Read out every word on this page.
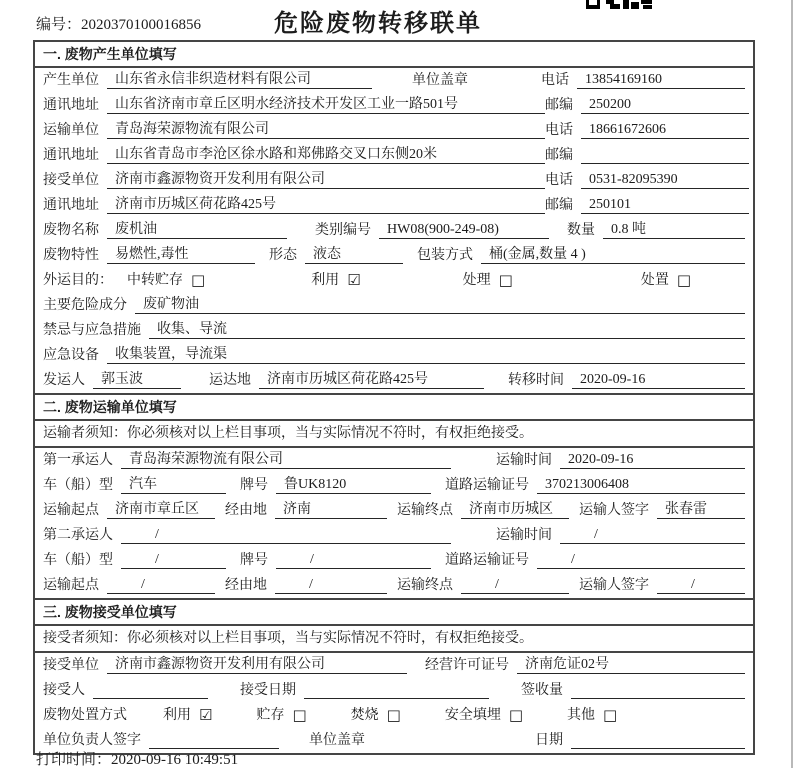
编号：2020370100016856	危险废物转移联单
一. 废物产生单位填写
产生单位	山东省永信非织造材料有限公司	单位盖章	电话	13854169160
通讯地址	山东省济南市章丘区明水经济技术开发区工业一路501号	邮编	250200
运输单位	青岛海荣源物流有限公司	电话	18661672606
通讯地址	山东省青岛市李沧区徐水路和郑佛路交叉口东侧20米	邮编
接受单位	济南市鑫源物资开发利用有限公司	电话	0531-82095390
通讯地址	济南市历城区荷花路425号	邮编	250101
废物名称	废机油	类别编号	HW08(900-249-08)	数量	0.8 吨
废物特性	易燃性,毒性	形态	液态	包装方式	桶(金属,数量 4 )
外运目的： 中转贮存 □	利用 ☑	处理 □	处置 □
主要危险成分	废矿物油
禁忌与应急措施	收集、导流
应急设备	收集装置，导流渠
发运人	郭玉波	运达地	济南市历城区荷花路425号	转移时间	2020-09-16
二. 废物运输单位填写
运输者须知：你必须核对以上栏目事项，当与实际情况不符时，有权拒绝接受。
第一承运人	青岛海荣源物流有限公司	运输时间	2020-09-16
车（船）型	汽车	牌号	鲁UK8120	道路运输证号	370213006408
运输起点	济南市章丘区	经由地	济南	运输终点	济南市历城区	运输人签字	张春雷
第二承运人	/	运输时间	/
车（船）型	/	牌号	/	道路运输证号	/
运输起点	/	经由地	/	运输终点	/	运输人签字	/
三. 废物接受单位填写
接受者须知：你必须核对以上栏目事项，当与实际情况不符时，有权拒绝接受。
接受单位	济南市鑫源物资开发利用有限公司	经营许可证号	济南危证02号
接受人	接受日期	签收量
废物处置方式	利用 ☑	贮存 □	焚烧 □	安全填埋 □	其他 □
单位负责人签字	单位盖章	日期
打印时间：2020-09-16 10:49:51
